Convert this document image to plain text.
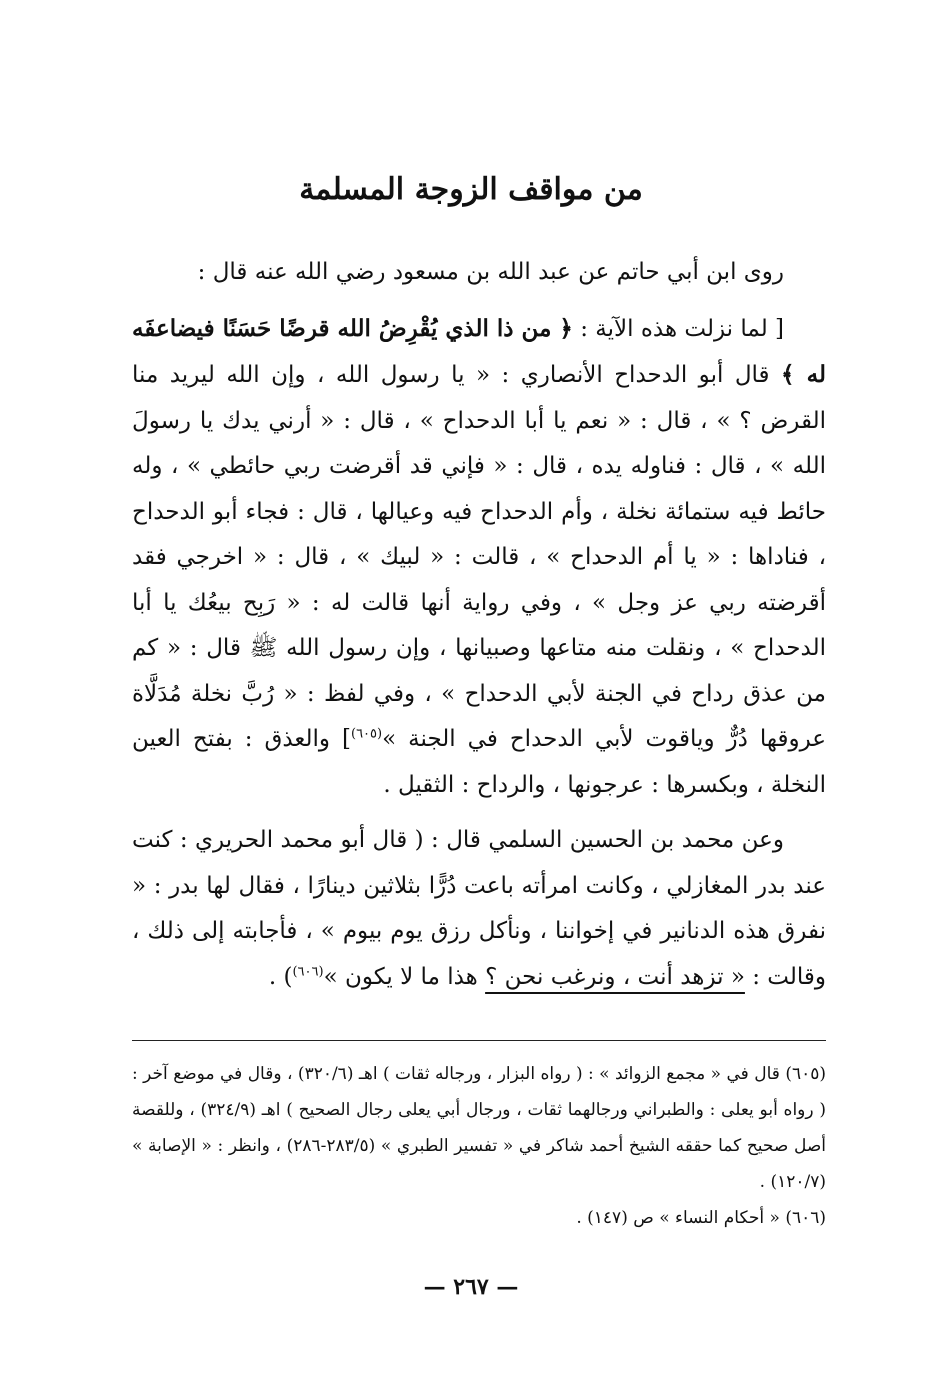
من مواقف الزوجة المسلمة

روى ابن أبي حاتم عن عبد الله بن مسعود رضي الله عنه قال :

[ لما نزلت هذه الآية : ﴿ من ذا الذي يُقْرِضُ الله قرضًا حَسَنًا فيضاعفَه له ﴾ قال أبو الدحداح الأنصاري : « يا رسول الله ، وإن الله ليريد منا القرض ؟ » ، قال : « نعم يا أبا الدحداح » ، قال : « أرني يدك يا رسولَ الله » ، قال : فناوله يده ، قال : « فإني قد أقرضت ربي حائطي » ، وله حائط فيه ستمائة نخلة ، وأم الدحداح فيه وعيالها ، قال : فجاء أبو الدحداح ، فناداها : « يا أم الدحداح » ، قالت : « لبيك » ، قال : « اخرجي فقد أقرضته ربي عز وجل » ، وفي رواية أنها قالت له : « رَبِح بيعُك يا أبا الدحداح » ، ونقلت منه متاعها وصبيانها ، وإن رسول الله ﷺ قال : « كم من عذق رداح في الجنة لأبي الدحداح » ، وفي لفظ : « رُبَّ نخلة مُدَلَّاة عروقها دُرٌّ وياقوت لأبي الدحداح في الجنة »$^{(٦٠٥)}$] والعذق : بفتح العين النخلة ، وبكسرها : عرجونها ، والرداح : الثقيل .

وعن محمد بن الحسين السلمي قال : ( قال أبو محمد الحريري : كنت عند بدر المغازلي ، وكانت امرأته باعت دُرًّا بثلاثين دينارًا ، فقال لها بدر : « نفرق هذه الدنانير في إخواننا ، ونأكل رزق يوم بيوم » ، فأجابته إلى ذلك ، وقالت : « تزهد أنت ، ونرغب نحن ؟ هذا ما لا يكون »$^{(٦٠٦)}$) .

(٦٠٥) قال في « مجمع الزوائد » : ( رواه البزار ، ورجاله ثقات ) اهـ (٣٢٠/٦) ، وقال في موضع آخر : ( رواه أبو يعلى : والطبراني ورجالهما ثقات ، ورجال أبي يعلى رجال الصحيح ) اهـ (٣٢٤/٩) ، وللقصة أصل صحيح كما حققه الشيخ أحمد شاكر في « تفسير الطبري » (٢٨٣/٥-٢٨٦) ، وانظر : « الإصابة » (١٢٠/٧) .

(٦٠٦) « أحكام النساء » ص (١٤٧) .

— ٢٦٧ —
